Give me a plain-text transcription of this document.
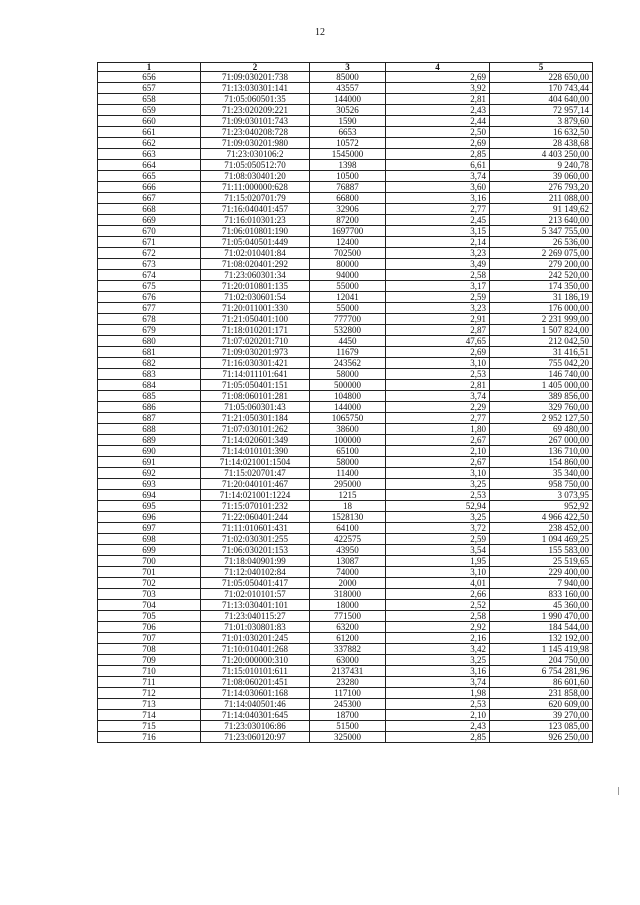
12
1	2	3	4	5
656	71:09:030201:738	85000	2,69	228 650,00
657	71:13:030301:141	43557	3,92	170 743,44
658	71:05:060501:35	144000	2,81	404 640,00
659	71:23:020209:221	30526	2,43	72 957,14
660	71:09:030101:743	1590	2,44	3 879,60
661	71:23:040208:728	6653	2,50	16 632,50
662	71:09:030201:980	10572	2,69	28 438,68
663	71:23:030106:2	1545000	2,85	4 403 250,00
664	71:05:050512:70	1398	6,61	9 240,78
665	71:08:030401:20	10500	3,74	39 060,00
666	71:11:000000:628	76887	3,60	276 793,20
667	71:15:020701:79	66800	3,16	211 088,00
668	71:16:040401:457	32906	2,77	91 149,62
669	71:16:010301:23	87200	2,45	213 640,00
670	71:06:010801:190	1697700	3,15	5 347 755,00
671	71:05:040501:449	12400	2,14	26 536,00
672	71:02:010401:84	702500	3,23	2 269 075,00
673	71:08:020401:292	80000	3,49	279 200,00
674	71:23:060301:34	94000	2,58	242 520,00
675	71:20:010801:135	55000	3,17	174 350,00
676	71:02:030601:54	12041	2,59	31 186,19
677	71:20:011001:330	55000	3,23	176 000,00
678	71:21:050401:100	777700	2,91	2 231 999,00
679	71:18:010201:171	532800	2,87	1 507 824,00
680	71:07:020201:710	4450	47,65	212 042,50
681	71:09:030201:973	11679	2,69	31 416,51
682	71:16:030301:421	243562	3,10	755 042,20
683	71:14:011101:641	58000	2,53	146 740,00
684	71:05:050401:151	500000	2,81	1 405 000,00
685	71:08:060101:281	104800	3,74	389 856,00
686	71:05:060301:43	144000	2,29	329 760,00
687	71:21:050301:184	1065750	2,77	2 952 127,50
688	71:07:030101:262	38600	1,80	69 480,00
689	71:14:020601:349	100000	2,67	267 000,00
690	71:14:010101:390	65100	2,10	136 710,00
691	71:14:021001:1504	58000	2,67	154 860,00
692	71:15:020701:47	11400	3,10	35 340,00
693	71:20:040101:467	295000	3,25	958 750,00
694	71:14:021001:1224	1215	2,53	3 073,95
695	71:15:070101:232	18	52,94	952,92
696	71:22:060401:244	1528130	3,25	4 966 422,50
697	71:11:010601:431	64100	3,72	238 452,00
698	71:02:030301:255	422575	2,59	1 094 469,25
699	71:06:030201:153	43950	3,54	155 583,00
700	71:18:040901:99	13087	1,95	25 519,65
701	71:12:040102:84	74000	3,10	229 400,00
702	71:05:050401:417	2000	4,01	7 940,00
703	71:02:010101:57	318000	2,66	833 160,00
704	71:13:030401:101	18000	2,52	45 360,00
705	71:23:040115:27	771500	2,58	1 990 470,00
706	71:01:030801:83	63200	2,92	184 544,00
707	71:01:030201:245	61200	2,16	132 192,00
708	71:10:010401:268	337882	3,42	1 145 419,98
709	71:20:000000:310	63000	3,25	204 750,00
710	71:15:010101:611	2137431	3,16	6 754 281,96
711	71:08:060201:451	23280	3,74	86 601,60
712	71:14:030601:168	117100	1,98	231 858,00
713	71:14:040501:46	245300	2,53	620 609,00
714	71:14:040301:645	18700	2,10	39 270,00
715	71:23:030106:86	51500	2,43	123 085,00
716	71:23:060120:97	325000	2,85	926 250,00
